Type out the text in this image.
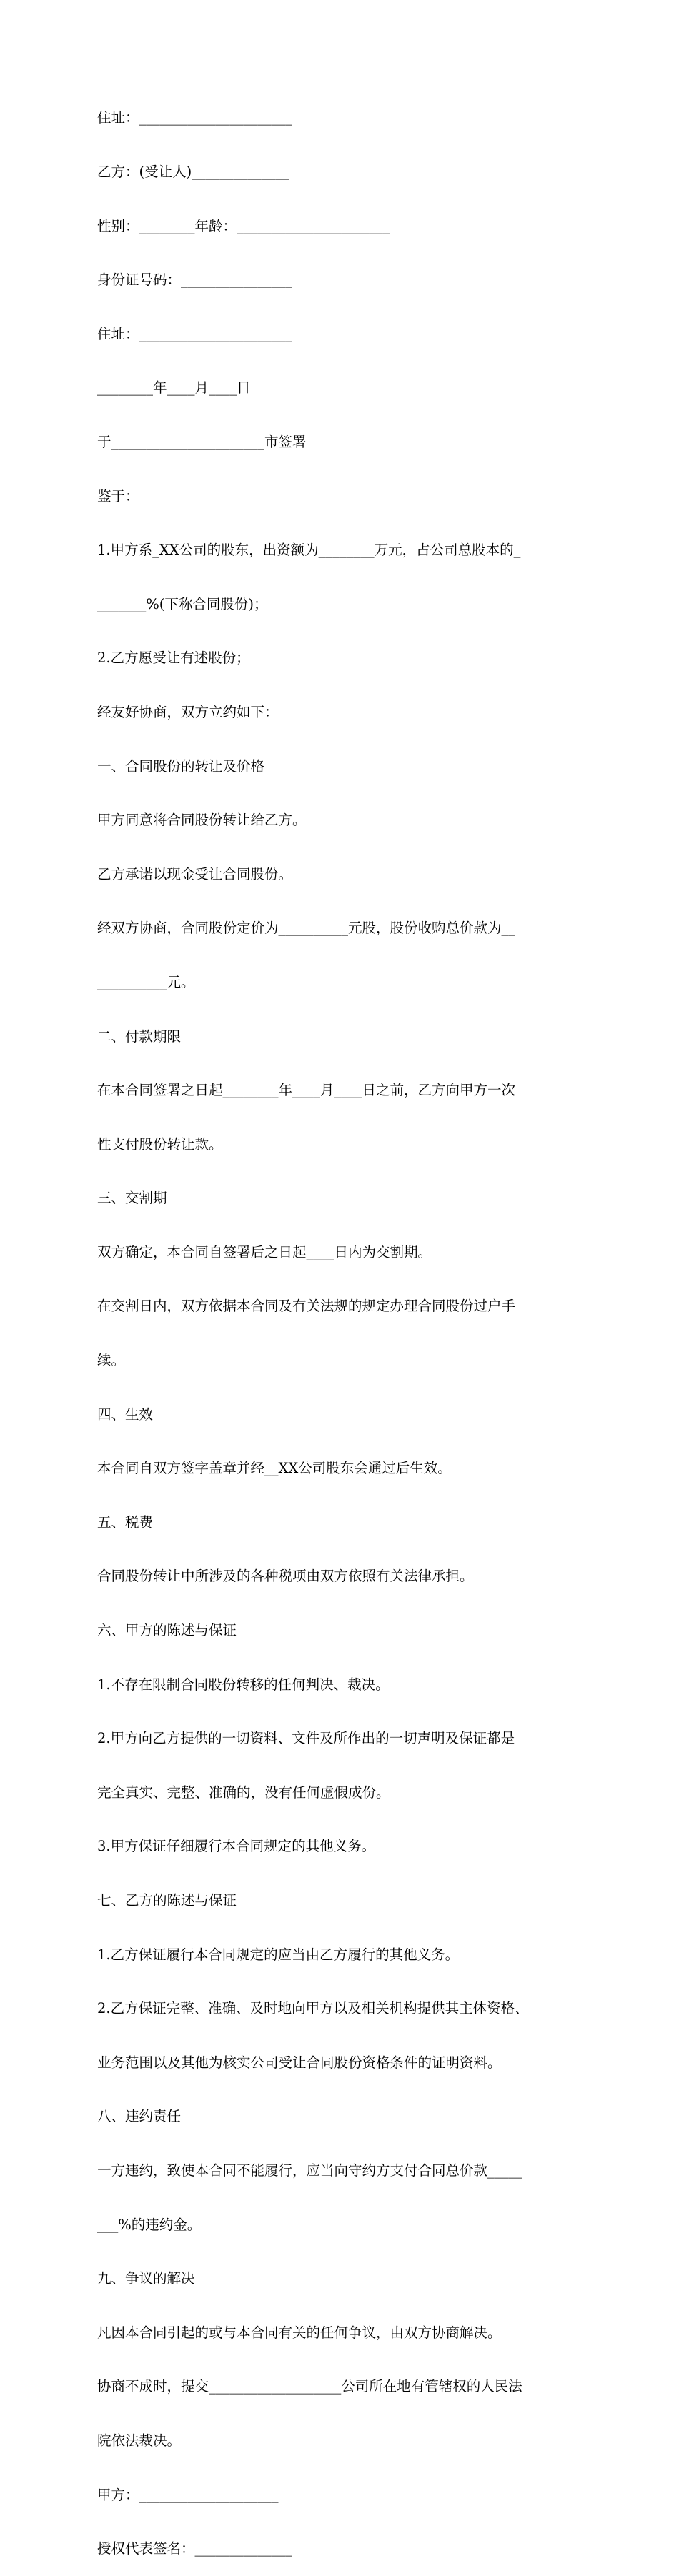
住址：______________________

乙方：(受让人)______________

性别：________年龄：______________________

身份证号码：________________

住址：______________________

________年____月____日

于______________________市签署

鉴于：

1.甲方系_XX公司的股东，出资额为________万元，占公司总股本的_

_______%(下称合同股份)；

2.乙方愿受让有述股份；

经友好协商，双方立约如下：

一、合同股份的转让及价格

甲方同意将合同股份转让给乙方。

乙方承诺以现金受让合同股份。

经双方协商，合同股份定价为__________元股，股份收购总价款为__

__________元。

二、付款期限

在本合同签署之日起________年____月____日之前，乙方向甲方一次

性支付股份转让款。

三、交割期

双方确定，本合同自签署后之日起____日内为交割期。

在交割日内，双方依据本合同及有关法规的规定办理合同股份过户手

续。

四、生效

本合同自双方签字盖章并经__XX公司股东会通过后生效。

五、税费

合同股份转让中所涉及的各种税项由双方依照有关法律承担。

六、甲方的陈述与保证

1.不存在限制合同股份转移的任何判决、裁决。

2.甲方向乙方提供的一切资料、文件及所作出的一切声明及保证都是

完全真实、完整、准确的，没有任何虚假成份。

3.甲方保证仔细履行本合同规定的其他义务。

七、乙方的陈述与保证

1.乙方保证履行本合同规定的应当由乙方履行的其他义务。

2.乙方保证完整、准确、及时地向甲方以及相关机构提供其主体资格、

业务范围以及其他为核实公司受让合同股份资格条件的证明资料。

八、违约责任

一方违约，致使本合同不能履行，应当向守约方支付合同总价款_____

___%的违约金。

九、争议的解决

凡因本合同引起的或与本合同有关的任何争议，由双方协商解决。

协商不成时，提交___________________公司所在地有管辖权的人民法

院依法裁决。

甲方：____________________

授权代表签名：______________
